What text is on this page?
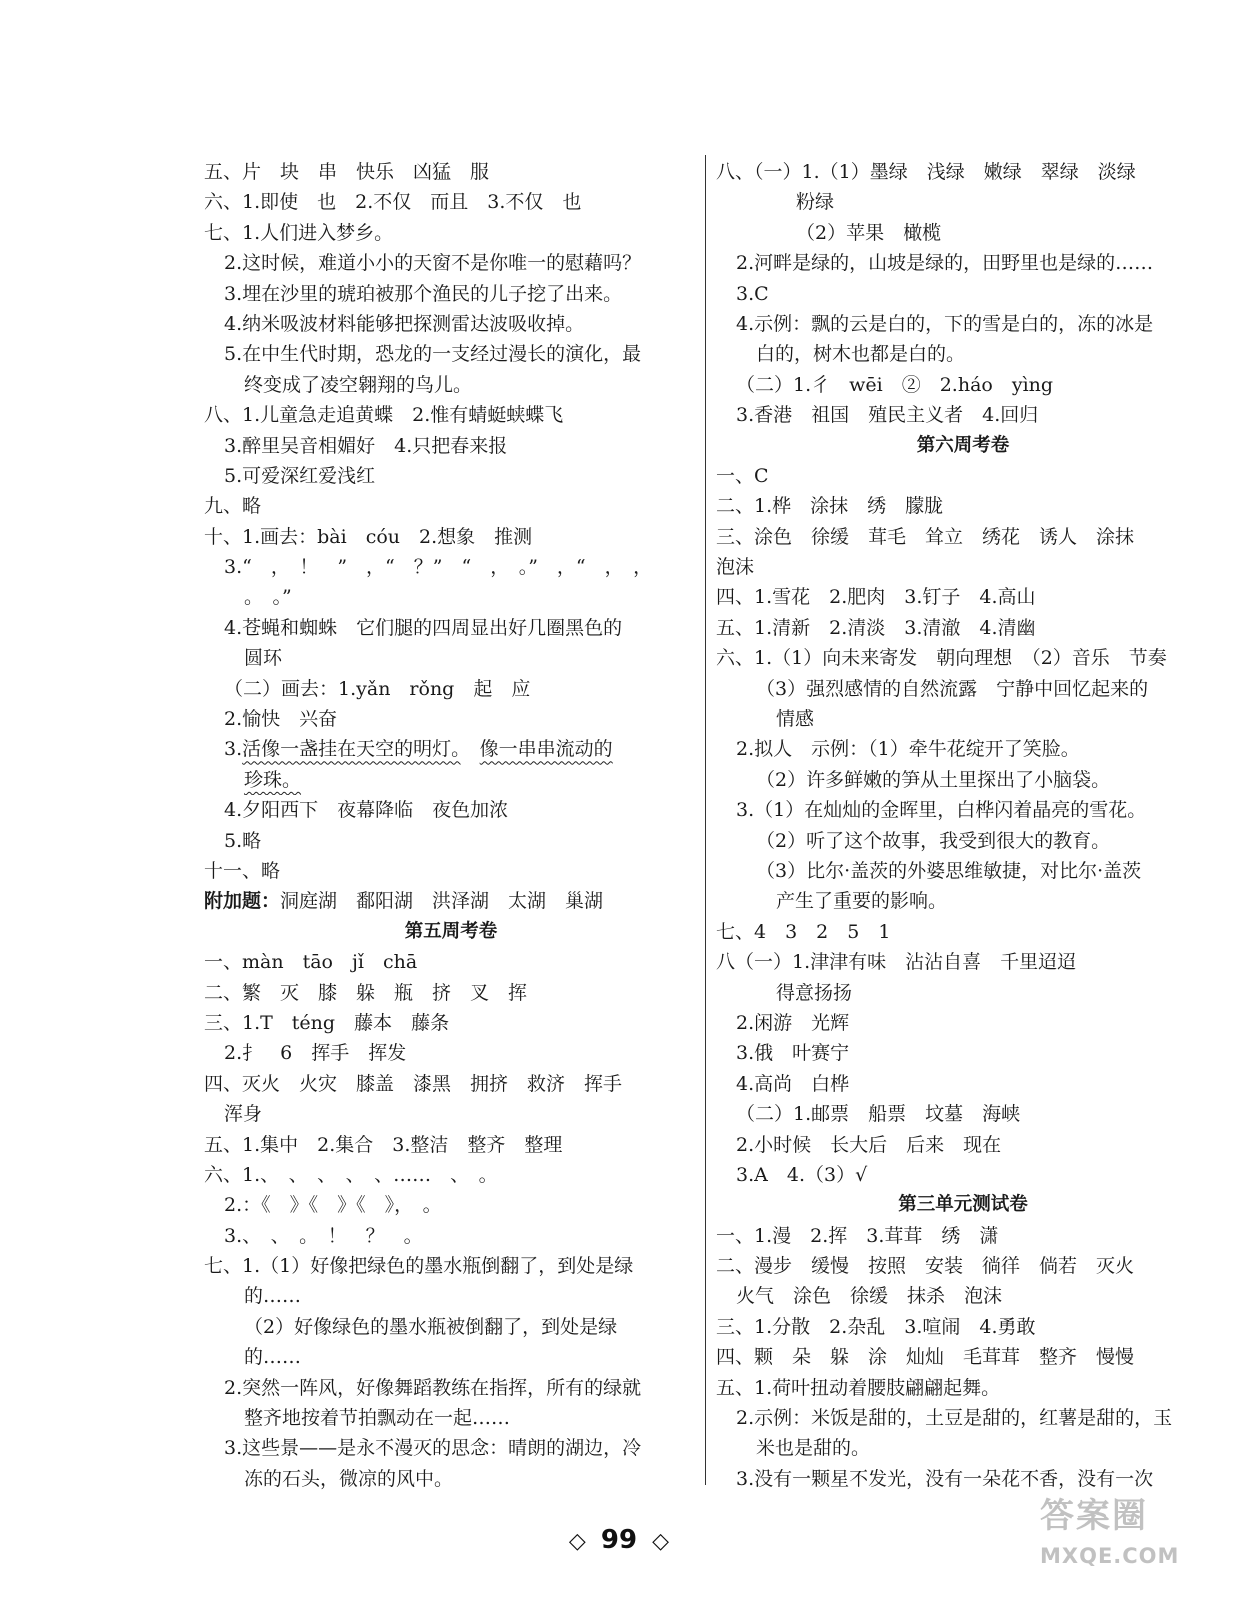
五、片　块　串　快乐　凶猛　服
六、1.即使　也　2.不仅　而且　3.不仅　也
七、1.人们进入梦乡。
2.这时候，难道小小的天窗不是你唯一的慰藉吗？
3.埋在沙里的琥珀被那个渔民的儿子挖了出来。
4.纳米吸波材料能够把探测雷达波吸收掉。
5.在中生代时期，恐龙的一支经过漫长的演化，最
终变成了凌空翱翔的鸟儿。
八、1.儿童急走追黄蝶　2.惟有蜻蜓蛱蝶飞
3.醉里吴音相媚好　4.只把春来报
5.可爱深红爱浅红
九、略
十、1.画去：bài　cóu　2.想象　推测
3.“　，　！　”　，“　？”　“　，　。”　，“　，　，
。　。”
4.苍蝇和蜘蛛　它们腿的四周显出好几圈黑色的
圆环
（二）画去：1.yǎn　rǒng　起　应
2.愉快　兴奋
3.活像一盏挂在天空的明灯。　 像一串串流动的
珍珠。
4.夕阳西下　夜幕降临　夜色加浓
5.略
十一、略
附加题：洞庭湖　鄱阳湖　洪泽湖　太湖　巢湖
第五周考卷
一、màn　tāo　jǐ　chā
二、繁　灭　膝　躲　瓶　挤　叉　挥
三、1.T　téng　藤本　藤条
2.扌　6　挥手　挥发
四、灭火　火灾　膝盖　漆黑　拥挤　救济　挥手
浑身
五、1.集中　2.集合　3.整洁　整齐　整理
六、1.、　、　、　、　、……　、　。
2.：《　》《　》《　》，　。
3.、　、　。　！　？　。
七、1.（1）好像把绿色的墨水瓶倒翻了，到处是绿
的……
（2）好像绿色的墨水瓶被倒翻了，到处是绿
的……
2.突然一阵风，好像舞蹈教练在指挥，所有的绿就
整齐地按着节拍飘动在一起……
3.这些景——是永不漫灭的思念：晴朗的湖边，冷
冻的石头，微凉的风中。
八、（一）1.（1）墨绿　浅绿　嫩绿　翠绿　淡绿
粉绿
（2）苹果　橄榄
2.河畔是绿的，山坡是绿的，田野里也是绿的……
3.C
4.示例：飘的云是白的，下的雪是白的，冻的冰是
白的，树木也都是白的。
（二）1.彳　wēi　②　2.háo　yìng
3.香港　祖国　殖民主义者　4.回归
第六周考卷
一、C
二、1.桦　涂抹　绣　朦胧
三、涂色　徐缓　茸毛　耸立　绣花　诱人　涂抹
泡沫
四、1.雪花　2.肥肉　3.钉子　4.高山
五、1.清新　2.清淡　3.清澈　4.清幽
六、1.（1）向未来寄发　朝向理想　（2）音乐　节奏
（3）强烈感情的自然流露　宁静中回忆起来的
情感
2.拟人　示例：（1）牵牛花绽开了笑脸。
（2）许多鲜嫩的笋从土里探出了小脑袋。
3.（1）在灿灿的金晖里，白桦闪着晶亮的雪花。
（2）听了这个故事，我受到很大的教育。
（3）比尔·盖茨的外婆思维敏捷，对比尔·盖茨
产生了重要的影响。
七、4　3　2　5　1
八（一）1.津津有味　沾沾自喜　千里迢迢
得意扬扬
2.闲游　光辉
3.俄　叶赛宁
4.高尚　白桦
（二）1.邮票　船票　坟墓　海峡
2.小时候　长大后　后来　现在
3.A　4.（3）√
第三单元测试卷
一、1.漫　2.挥　3.茸茸　绣　潇
二、漫步　缓慢　按照　安装　徜徉　倘若　灭火
火气　涂色　徐缓　抹杀　泡沫
三、1.分散　2.杂乱　3.喧闹　4.勇敢
四、颗　朵　躲　涂　灿灿　毛茸茸　整齐　慢慢
五、1.荷叶扭动着腰肢翩翩起舞。
2.示例：米饭是甜的，土豆是甜的，红薯是甜的，玉
米也是甜的。
3.没有一颗星不发光，没有一朵花不香，没有一次
◇ 99 ◇
答案圈
MXQE.COM
